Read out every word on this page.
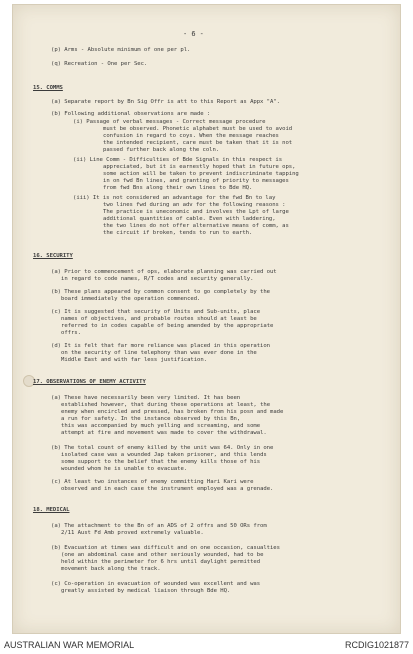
- 6 -
(p) Arms - Absolute minimum of one per pl.
(q) Recreation - One per Sec.
15. COMMS
(a) Separate report by Bn Sig Offr is att to this Report as Appx "A".
(b) Following additional observations are made :
(i) Passage of verbal messages - Correct message procedure
must be observed. Phonetic alphabet must be used to avoid
confusion in regard to coys. When the message reaches
the intended recipient, care must be taken that it is not
passed further back along the coln.
(ii) Line Comm - Difficulties of Bde Signals in this respect is
appreciated, but it is earnestly hoped that in future ops,
some action will be taken to prevent indiscriminate tapping
in on fwd Bn lines, and granting of priority to messages
from fwd Bns along their own lines to Bde HQ.
(iii) It is not considered an advantage for the fwd Bn to lay
two lines fwd during an adv for the following reasons :
The practice is uneconomic and involves the Lpt of large
additional quantities of cable. Even with laddering,
the two lines do not offer alternative means of comm, as
the circuit if broken, tends to run to earth.
16. SECURITY
(a) Prior to commencement of ops, elaborate planning was carried out
in regard to code names, R/T codes and security generally.
(b) These plans appeared by common consent to go completely by the
board immediately the operation commenced.
(c) It is suggested that security of Units and Sub-units, place
names of objectives, and probable routes should at least be
referred to in codes capable of being amended by the appropriate
offrs.
(d) It is felt that far more reliance was placed in this operation
on the security of line telephony than was ever done in the
Middle East and with far less justification.
17. OBSERVATIONS OF ENEMY ACTIVITY
(a) These have necessarily been very limited. It has been
established however, that during these operations at least, the
enemy when encircled and pressed, has broken from his posn and made
a run for safety. In the instance observed by this Bn,
this was accompanied by much yelling and screaming, and some
attempt at fire and movement was made to cover the withdrawal.
(b) The total count of enemy killed by the unit was 64. Only in one
isolated case was a wounded Jap taken prisoner, and this lends
some support to the belief that the enemy kills those of his
wounded whom he is unable to evacuate.
(c) At least two instances of enemy committing Hari Kari were
observed and in each case the instrument employed was a grenade.
18. MEDICAL
(a) The attachment to the Bn of an ADS of 2 offrs and 50 ORs from
2/11 Aust Fd Amb proved extremely valuable.
(b) Evacuation at times was difficult and on one occasion, casualties
(one an abdominal case and other seriously wounded, had to be
held within the perimeter for 6 hrs until daylight permitted
movement back along the track.
(c) Co-operation in evacuation of wounded was excellent and was
greatly assisted by medical liaison through Bde HQ.
AUSTRALIAN WAR MEMORIAL	RCDIG1021877
